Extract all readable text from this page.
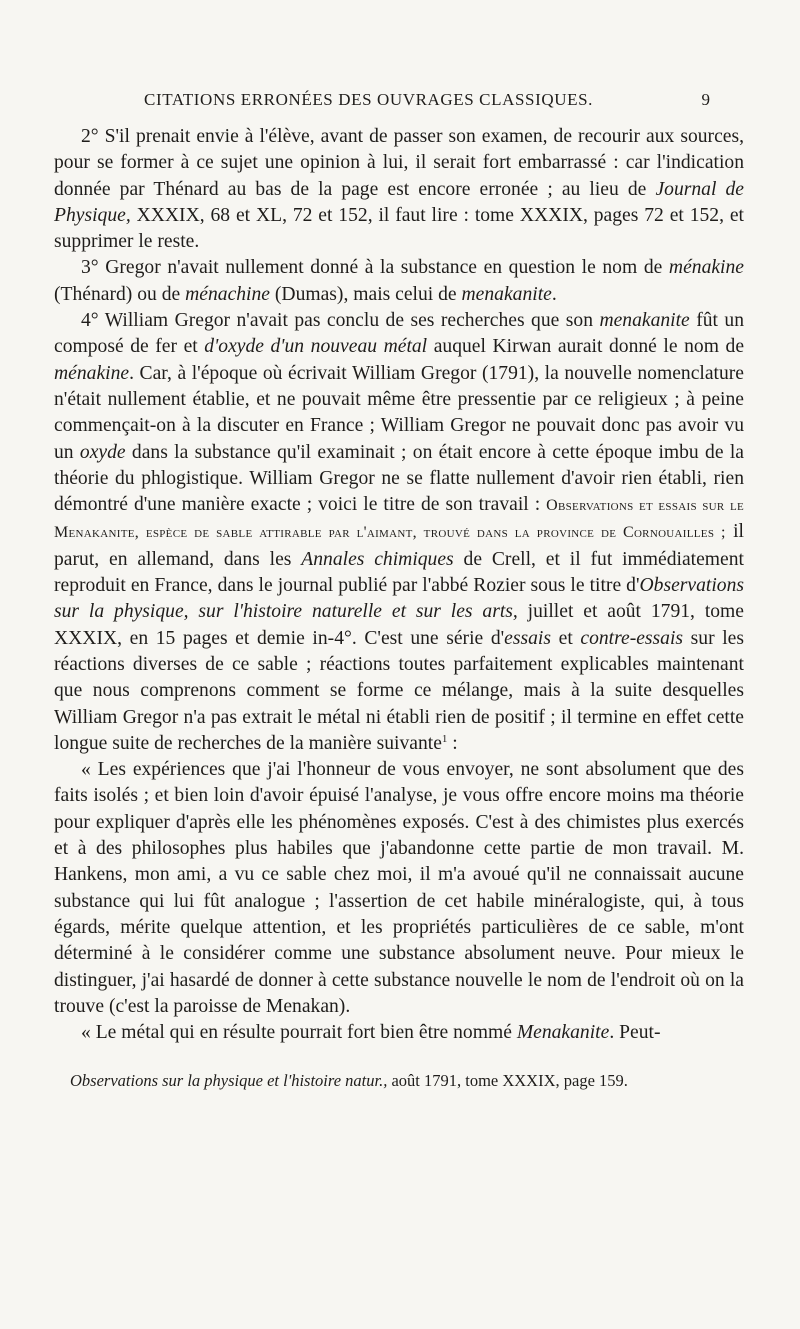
CITATIONS ERRONÉES DES OUVRAGES CLASSIQUES.	9

2° S'il prenait envie à l'élève, avant de passer son examen, de recourir aux sources, pour se former à ce sujet une opinion à lui, il serait fort embarrassé : car l'indication donnée par Thénard au bas de la page est encore erronée ; au lieu de Journal de Physique, XXXIX, 68 et XL, 72 et 152, il faut lire : tome XXXIX, pages 72 et 152, et supprimer le reste.

3° Gregor n'avait nullement donné à la substance en question le nom de ménakine (Thénard) ou de ménachine (Dumas), mais celui de menakanite.

4° William Gregor n'avait pas conclu de ses recherches que son menakanite fût un composé de fer et d'oxyde d'un nouveau métal auquel Kirwan aurait donné le nom de ménakine. Car, à l'époque où écrivait William Gregor (1791), la nouvelle nomenclature n'était nullement établie, et ne pouvait même être pressentie par ce religieux ; à peine commençait-on à la discuter en France ; William Gregor ne pouvait donc pas avoir vu un oxyde dans la substance qu'il examinait ; on était encore à cette époque imbu de la théorie du phlogistique. William Gregor ne se flatte nullement d'avoir rien établi, rien démontré d'une manière exacte ; voici le titre de son travail : Observations et essais sur le Menakanite, espèce de sable attirable par l'aimant, trouvé dans la province de Cornouailles ; il parut, en allemand, dans les Annales chimiques de Crell, et il fut immédiatement reproduit en France, dans le journal publié par l'abbé Rozier sous le titre d'Observations sur la physique, sur l'histoire naturelle et sur les arts, juillet et août 1791, tome XXXIX, en 15 pages et demie in-4°. C'est une série d'essais et contre-essais sur les réactions diverses de ce sable ; réactions toutes parfaitement explicables maintenant que nous comprenons comment se forme ce mélange, mais à la suite desquelles William Gregor n'a pas extrait le métal ni établi rien de positif ; il termine en effet cette longue suite de recherches de la manière suivante$^1$ :

« Les expériences que j'ai l'honneur de vous envoyer, ne sont absolument que des faits isolés ; et bien loin d'avoir épuisé l'analyse, je vous offre encore moins ma théorie pour expliquer d'après elle les phénomènes exposés. C'est à des chimistes plus exercés et à des philosophes plus habiles que j'abandonne cette partie de mon travail. M. Hankens, mon ami, a vu ce sable chez moi, il m'a avoué qu'il ne connaissait aucune substance qui lui fût analogue ; l'assertion de cet habile minéralogiste, qui, à tous égards, mérite quelque attention, et les propriétés particulières de ce sable, m'ont déterminé à le considérer comme une substance absolument neuve. Pour mieux le distinguer, j'ai hasardé de donner à cette substance nouvelle le nom de l'endroit où on la trouve (c'est la paroisse de Menakan).

« Le métal qui en résulte pourrait fort bien être nommé Menakanite. Peut-

Observations sur la physique et l'histoire natur., août 1791, tome XXXIX, page 159.
